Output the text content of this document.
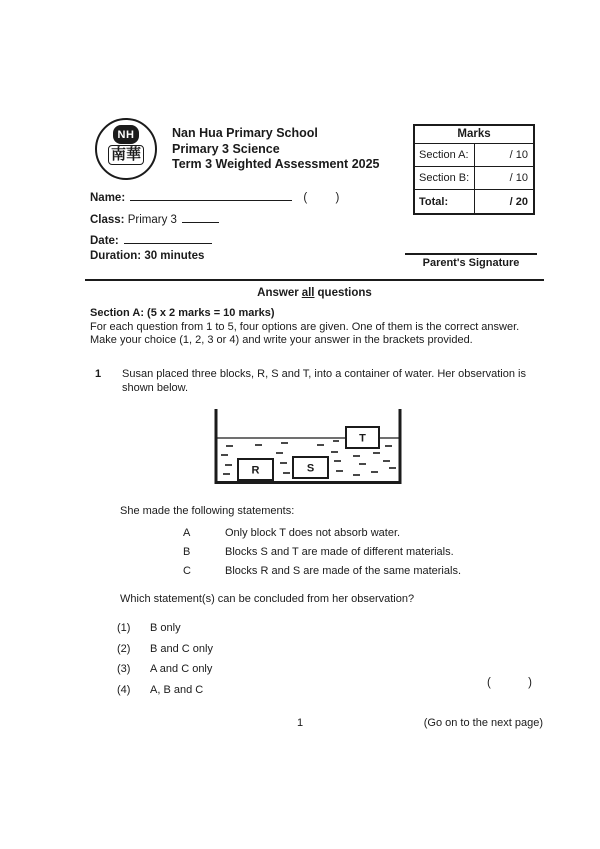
NH
南華
Nan Hua Primary School
Primary 3 Science
Term 3 Weighted Assessment 2025
Marks
Section A:	/ 10
Section B:	/ 10
Total:	/ 20
Name:	( )
Class: Primary 3
Date:
Duration: 30 minutes
Parent's Signature
Answer all questions
Section A: (5 x 2 marks = 10 marks)
For each question from 1 to 5, four options are given. One of them is the correct answer.
Make your choice (1, 2, 3 or 4) and write your answer in the brackets provided.
1	Susan placed three blocks, R, S and T, into a container of water. Her observation is shown below.
T
R	S
She made the following statements:
A	Only block T does not absorb water.
B	Blocks S and T are made of different materials.
C	Blocks R and S are made of the same materials.
Which statement(s) can be concluded from her observation?
(1)	B only
(2)	B and C only
(3)	A and C only
(4)	A, B and C
(	)
1	(Go on to the next page)
